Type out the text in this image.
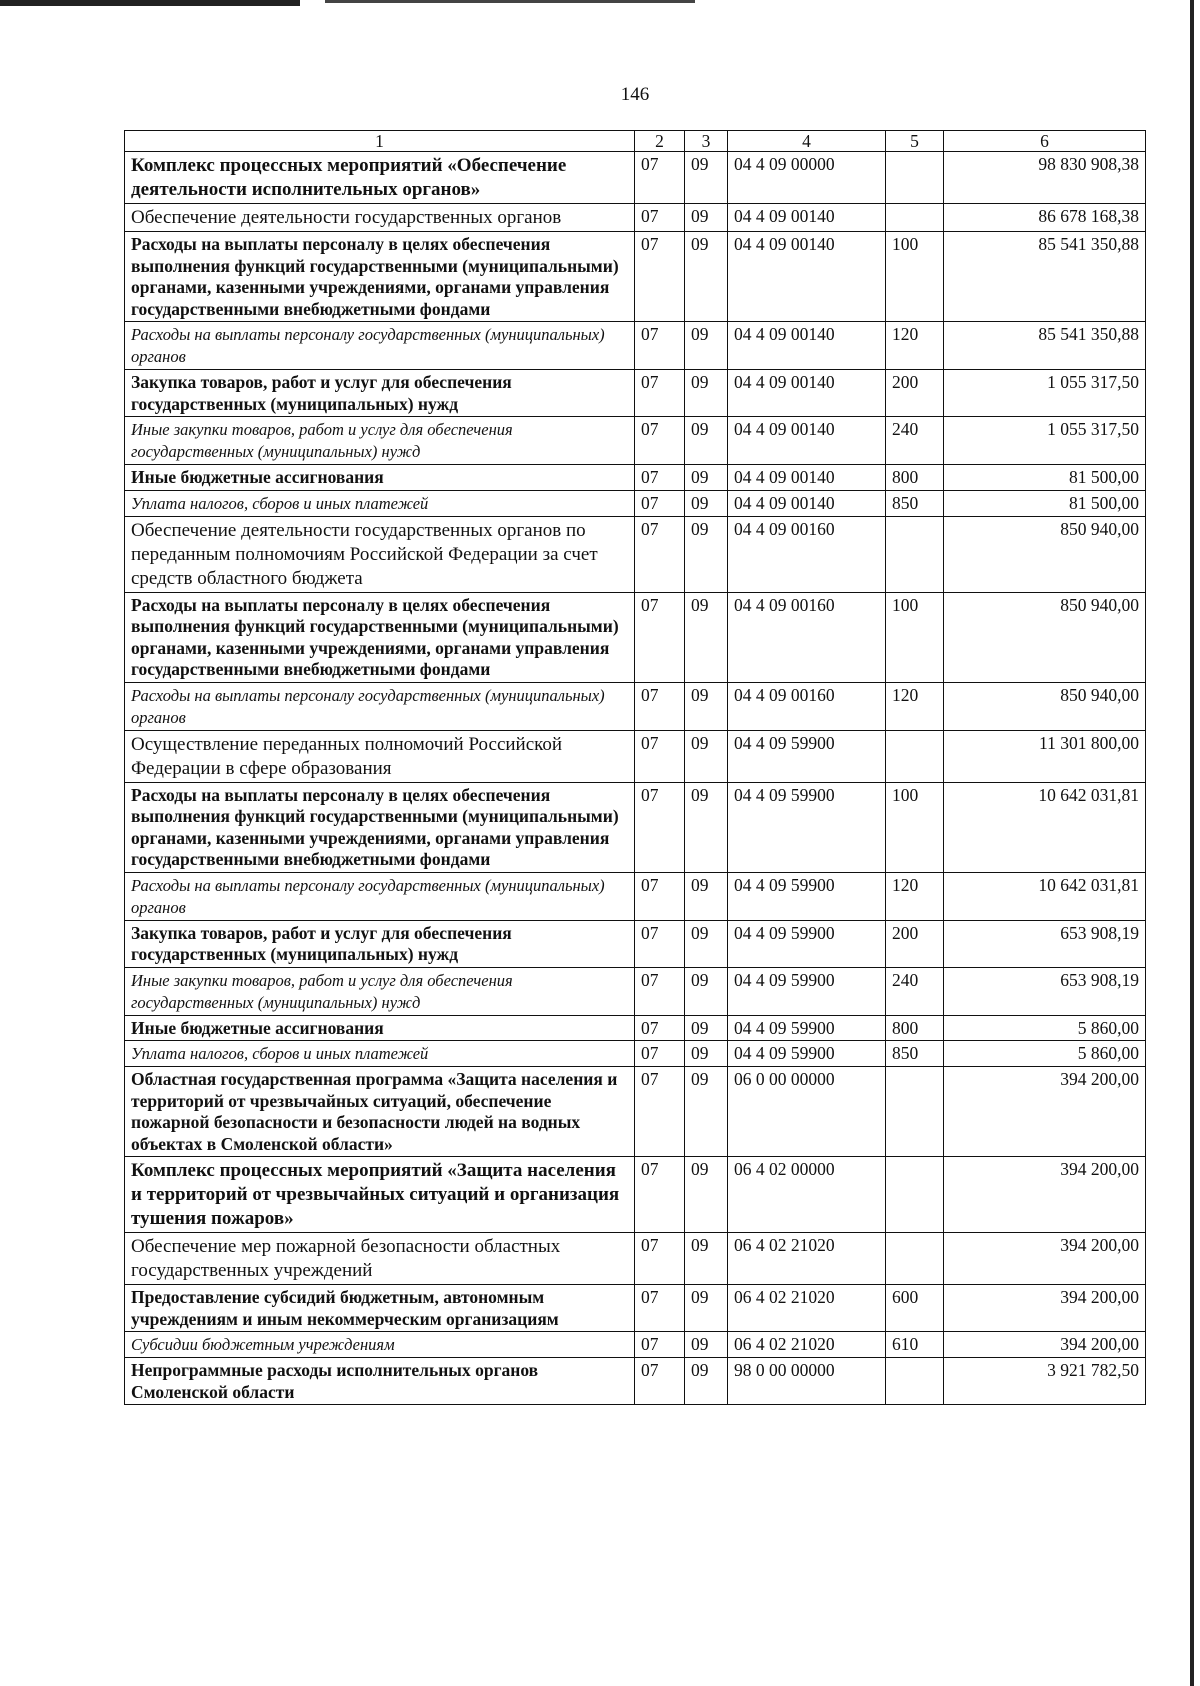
146
1	2	3	4	5	6
Комплекс процессных мероприятий «Обеспечение деятельности исполнительных органов»	07	09	04 4 09 00000		98 830 908,38
Обеспечение деятельности государственных органов	07	09	04 4 09 00140		86 678 168,38
Расходы на выплаты персоналу в целях обеспечения выполнения функций государственными (муниципальными) органами, казенными учреждениями, органами управления государственными внебюджетными фондами	07	09	04 4 09 00140	100	85 541 350,88
Расходы на выплаты персоналу государственных (муниципальных) органов	07	09	04 4 09 00140	120	85 541 350,88
Закупка товаров, работ и услуг для обеспечения государственных (муниципальных) нужд	07	09	04 4 09 00140	200	1 055 317,50
Иные закупки товаров, работ и услуг для обеспечения государственных (муниципальных) нужд	07	09	04 4 09 00140	240	1 055 317,50
Иные бюджетные ассигнования	07	09	04 4 09 00140	800	81 500,00
Уплата налогов, сборов и иных платежей	07	09	04 4 09 00140	850	81 500,00
Обеспечение деятельности государственных органов по переданным полномочиям Российской Федерации за счет средств областного бюджета	07	09	04 4 09 00160		850 940,00
Расходы на выплаты персоналу в целях обеспечения выполнения функций государственными (муниципальными) органами, казенными учреждениями, органами управления государственными внебюджетными фондами	07	09	04 4 09 00160	100	850 940,00
Расходы на выплаты персоналу государственных (муниципальных) органов	07	09	04 4 09 00160	120	850 940,00
Осуществление переданных полномочий Российской Федерации в сфере образования	07	09	04 4 09 59900		11 301 800,00
Расходы на выплаты персоналу в целях обеспечения выполнения функций государственными (муниципальными) органами, казенными учреждениями, органами управления государственными внебюджетными фондами	07	09	04 4 09 59900	100	10 642 031,81
Расходы на выплаты персоналу государственных (муниципальных) органов	07	09	04 4 09 59900	120	10 642 031,81
Закупка товаров, работ и услуг для обеспечения государственных (муниципальных) нужд	07	09	04 4 09 59900	200	653 908,19
Иные закупки товаров, работ и услуг для обеспечения государственных (муниципальных) нужд	07	09	04 4 09 59900	240	653 908,19
Иные бюджетные ассигнования	07	09	04 4 09 59900	800	5 860,00
Уплата налогов, сборов и иных платежей	07	09	04 4 09 59900	850	5 860,00
Областная государственная программа «Защита населения и территорий от чрезвычайных ситуаций, обеспечение пожарной безопасности и безопасности людей на водных объектах в Смоленской области»	07	09	06 0 00 00000		394 200,00
Комплекс процессных мероприятий «Защита населения и территорий от чрезвычайных ситуаций и организация тушения пожаров»	07	09	06 4 02 00000		394 200,00
Обеспечение мер пожарной безопасности областных государственных учреждений	07	09	06 4 02 21020		394 200,00
Предоставление субсидий бюджетным, автономным учреждениям и иным некоммерческим организациям	07	09	06 4 02 21020	600	394 200,00
Субсидии бюджетным учреждениям	07	09	06 4 02 21020	610	394 200,00
Непрограммные расходы исполнительных органов Смоленской области	07	09	98 0 00 00000		3 921 782,50
